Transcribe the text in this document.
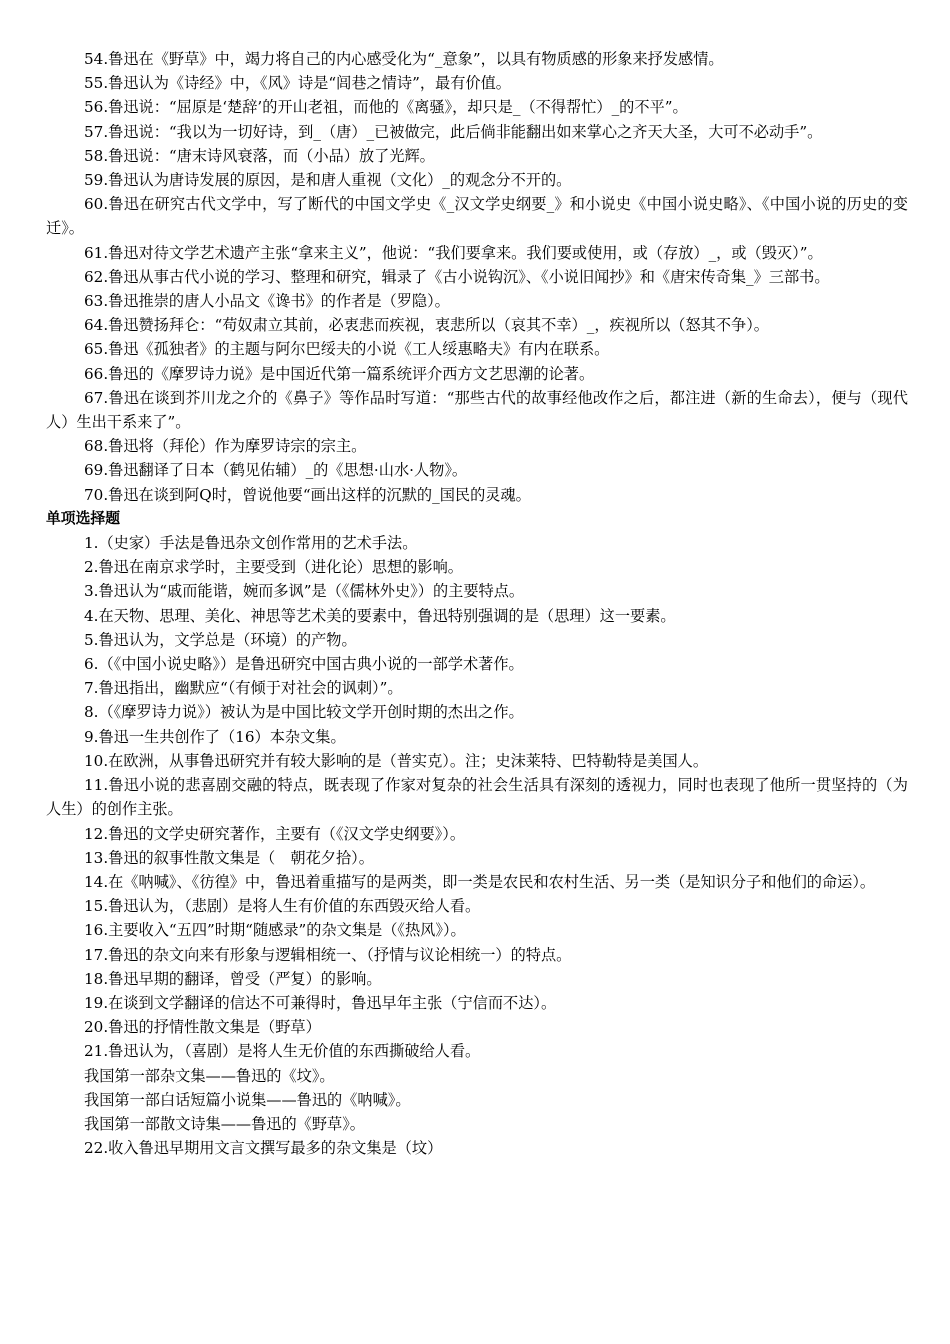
54.鲁迅在《野草》中，竭力将自己的内心感受化为“_意象”，以具有物质感的形象来抒发感情。

55.鲁迅认为《诗经》中，《风》诗是“闾巷之情诗”，最有价值。

56.鲁迅说：“屈原是‘楚辞’的开山老祖，而他的《离骚》，却只是_（不得帮忙）_的不平”。

57.鲁迅说：“我以为一切好诗，到_（唐）_已被做完，此后倘非能翻出如来掌心之齐天大圣，大可不必动手”。

58.鲁迅说：“唐末诗风衰落，而（小品）放了光辉。

59.鲁迅认为唐诗发展的原因，是和唐人重视（文化）_的观念分不开的。

60.鲁迅在研究古代文学中，写了断代的中国文学史《_汉文学史纲要_》和小说史《中国小说史略》、《中国小说的历史的变迁》。

61.鲁迅对待文学艺术遗产主张“拿来主义”，他说：“我们要拿来。我们要或使用，或（存放）_，或（毁灭）”。

62.鲁迅从事古代小说的学习、整理和研究，辑录了《古小说钩沉》、《小说旧闻抄》和《唐宋传奇集_》三部书。

63.鲁迅推崇的唐人小品文《谗书》的作者是（罗隐）。

64.鲁迅赞扬拜仑：“苟奴肃立其前，必衷悲而疾视，衷悲所以（哀其不幸）_，疾视所以（怒其不争）。

65.鲁迅《孤独者》的主题与阿尔巴绥夫的小说《工人绥惠略夫》有内在联系。

66.鲁迅的《摩罗诗力说》是中国近代第一篇系统评介西方文艺思潮的论著。

67.鲁迅在谈到芥川龙之介的《鼻子》等作品时写道：“那些古代的故事经他改作之后，都注进（新的生命去），便与（现代人）生出干系来了”。

68.鲁迅将（拜伦）作为摩罗诗宗的宗主。

69.鲁迅翻译了日本（鹤见佑辅）_的《思想·山水·人物》。

70.鲁迅在谈到阿Q时，曾说他要“画出这样的沉默的_国民的灵魂。

单项选择题

1.（史家）手法是鲁迅杂文创作常用的艺术手法。

2.鲁迅在南京求学时，主要受到（进化论）思想的影响。

3.鲁迅认为“戚而能谐，婉而多讽”是（《儒林外史》）的主要特点。

4.在天物、思理、美化、神思等艺术美的要素中，鲁迅特别强调的是（思理）这一要素。

5.鲁迅认为，文学总是（环境）的产物。

6.（《中国小说史略》）是鲁迅研究中国古典小说的一部学术著作。

7.鲁迅指出，幽默应“（有倾于对社会的讽刺）”。

8.（《摩罗诗力说》）被认为是中国比较文学开创时期的杰出之作。

9.鲁迅一生共创作了（16）本杂文集。

10.在欧洲，从事鲁迅研究并有较大影响的是（普实克）。注；史沫莱特、巴特勒特是美国人。

11.鲁迅小说的悲喜剧交融的特点，既表现了作家对复杂的社会生活具有深刻的透视力，同时也表现了他所一贯坚持的（为人生）的创作主张。

12.鲁迅的文学史研究著作，主要有（《汉文学史纲要》）。

13.鲁迅的叙事性散文集是（　朝花夕拾）。

14.在《呐喊》、《彷徨》中，鲁迅着重描写的是两类，即一类是农民和农村生活、另一类（是知识分子和他们的命运）。

15.鲁迅认为，（悲剧）是将人生有价值的东西毁灭给人看。

16.主要收入“五四”时期“随感录”的杂文集是（《热风》）。

17.鲁迅的杂文向来有形象与逻辑相统一、（抒情与议论相统一）的特点。

18.鲁迅早期的翻译，曾受（严复）的影响。

19.在谈到文学翻译的信达不可兼得时，鲁迅早年主张（宁信而不达）。

20.鲁迅的抒情性散文集是（野草）

21.鲁迅认为，（喜剧）是将人生无价值的东西撕破给人看。

我国第一部杂文集——鲁迅的《坟》。

我国第一部白话短篇小说集——鲁迅的《呐喊》。

我国第一部散文诗集——鲁迅的《野草》。

22.收入鲁迅早期用文言文撰写最多的杂文集是（坟）
